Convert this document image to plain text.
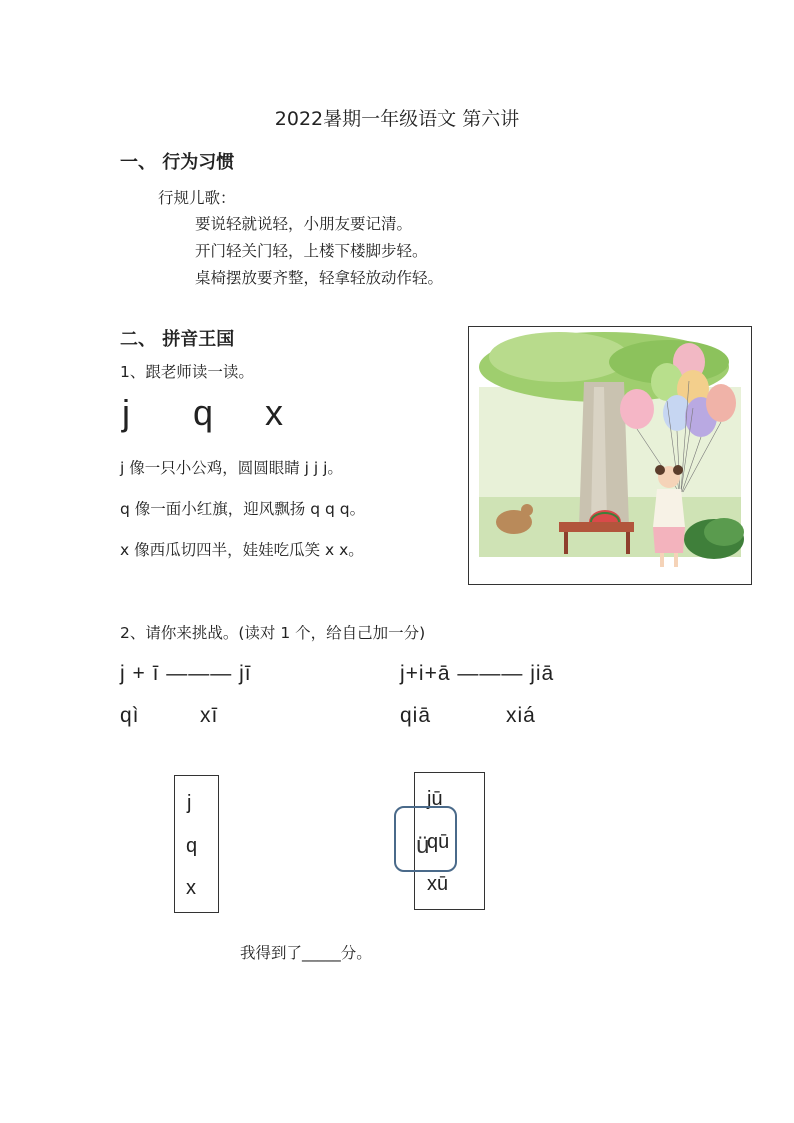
2022暑期一年级语文 第六讲
一、 行为习惯
行规儿歌：
要说轻就说轻，小朋友要记清。
开门轻关门轻，上楼下楼脚步轻。
桌椅摆放要齐整，轻拿轻放动作轻。
二、 拼音王国
1、跟老师读一读。
j q x
j 像一只小公鸡，圆圆眼睛 j j j。
q 像一面小红旗，迎风飘扬 q q q。
x 像西瓜切四半，娃娃吃瓜笑 x x。
2、请你来挑战。(读对 1 个，给自己加一分)
j + ī ——— jī	j+i+ā ——— jiā
qì	xī	qiā	xiá
j
q
x
jū
qū
xū
ü
我得到了_____分。
